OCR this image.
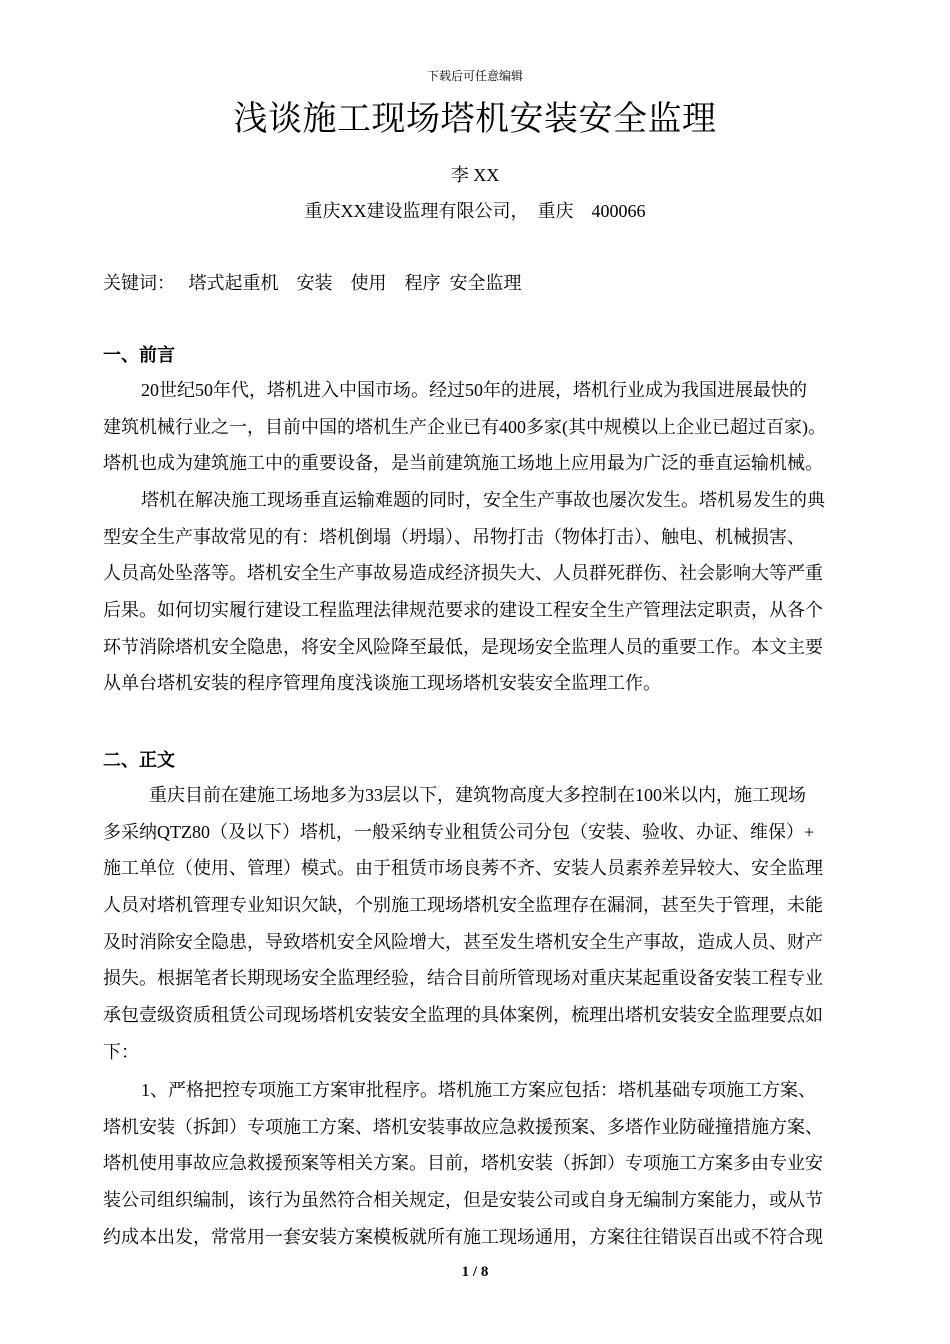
下载后可任意编辑
浅谈施工现场塔机安装安全监理
李 XX
重庆XX建设监理有限公司，  重庆    400066
关键词：   塔式起重机    安装    使用    程序  安全监理
一、前言
20世纪50年代，塔机进入中国市场。经过50年的进展，塔机行业成为我国进展最快的
建筑机械行业之一，目前中国的塔机生产企业已有400多家(其中规模以上企业已超过百家)。
塔机也成为建筑施工中的重要设备，是当前建筑施工场地上应用最为广泛的垂直运输机械。
塔机在解决施工现场垂直运输难题的同时，安全生产事故也屡次发生。塔机易发生的典
型安全生产事故常见的有：塔机倒塌（坍塌）、吊物打击（物体打击）、触电、机械损害、
人员高处坠落等。塔机安全生产事故易造成经济损失大、人员群死群伤、社会影响大等严重
后果。如何切实履行建设工程监理法律规范要求的建设工程安全生产管理法定职责，从各个
环节消除塔机安全隐患，将安全风险降至最低，是现场安全监理人员的重要工作。本文主要
从单台塔机安装的程序管理角度浅谈施工现场塔机安装安全监理工作。
二、正文
重庆目前在建施工场地多为33层以下，建筑物高度大多控制在100米以内，施工现场
多采纳QTZ80（及以下）塔机，一般采纳专业租赁公司分包（安装、验收、办证、维保）+
施工单位（使用、管理）模式。由于租赁市场良莠不齐、安装人员素养差异较大、安全监理
人员对塔机管理专业知识欠缺，个别施工现场塔机安全监理存在漏洞，甚至失于管理，未能
及时消除安全隐患，导致塔机安全风险增大，甚至发生塔机安全生产事故，造成人员、财产
损失。根据笔者长期现场安全监理经验，结合目前所管现场对重庆某起重设备安装工程专业
承包壹级资质租赁公司现场塔机安装安全监理的具体案例，梳理出塔机安装安全监理要点如
下：
1、严格把控专项施工方案审批程序。塔机施工方案应包括：塔机基础专项施工方案、
塔机安装（拆卸）专项施工方案、塔机安装事故应急救援预案、多塔作业防碰撞措施方案、
塔机使用事故应急救援预案等相关方案。目前，塔机安装（拆卸）专项施工方案多由专业安
装公司组织编制，该行为虽然符合相关规定，但是安装公司或自身无编制方案能力，或从节
约成本出发，常常用一套安装方案模板就所有施工现场通用，方案往往错误百出或不符合现
1 / 8
